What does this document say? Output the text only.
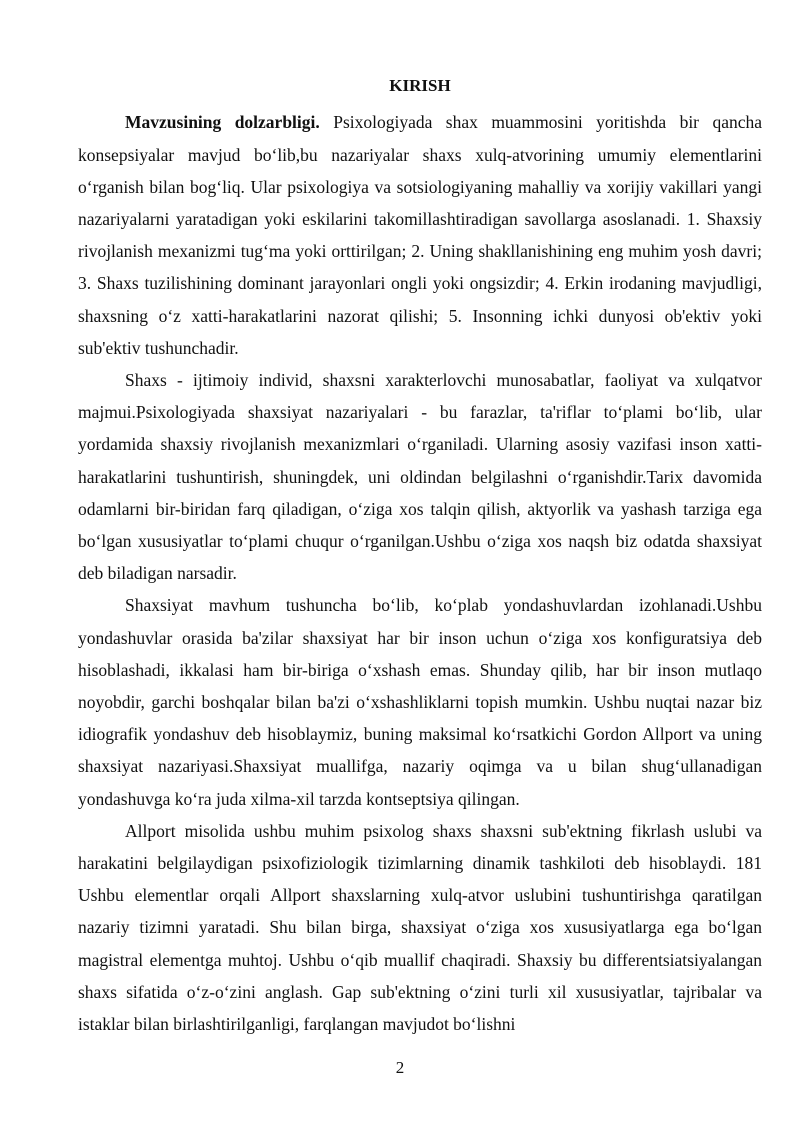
KIRISH

Mavzusining dolzarbligi. Psixologiyada shax muammosini yoritishda bir qancha konsepsiyalar mavjud bo‘lib,bu nazariyalar shaxs xulq-atvorining umumiy elementlarini o‘rganish bilan bog‘liq. Ular psixologiya va sotsiologiyaning mahalliy va xorijiy vakillari yangi nazariyalarni yaratadigan yoki eskilarini takomillashtiradigan savollarga asoslanadi. 1. Shaxsiy rivojlanish mexanizmi tug‘ma yoki orttirilgan; 2. Uning shakllanishining eng muhim yosh davri; 3. Shaxs tuzilishining dominant jarayonlari ongli yoki ongsizdir; 4. Erkin irodaning mavjudligi, shaxsning o‘z xatti-harakatlarini nazorat qilishi; 5. Insonning ichki dunyosi ob'ektiv yoki sub'ektiv tushunchadir.

Shaxs - ijtimoiy individ, shaxsni xarakterlovchi munosabatlar, faoliyat va xulqatvor majmui.Psixologiyada shaxsiyat nazariyalari - bu farazlar, ta'riflar to‘plami bo‘lib, ular yordamida shaxsiy rivojlanish mexanizmlari o‘rganiladi. Ularning asosiy vazifasi inson xatti-harakatlarini tushuntirish, shuningdek, uni oldindan belgilashni o‘rganishdir.Tarix davomida odamlarni bir-biridan farq qiladigan, o‘ziga xos talqin qilish, aktyorlik va yashash tarziga ega bo‘lgan xususiyatlar to‘plami chuqur o‘rganilgan.Ushbu o‘ziga xos naqsh biz odatda shaxsiyat deb biladigan narsadir.

Shaxsiyat mavhum tushuncha bo‘lib, ko‘plab yondashuvlardan izohlanadi.Ushbu yondashuvlar orasida ba'zilar shaxsiyat har bir inson uchun o‘ziga xos konfiguratsiya deb hisoblashadi, ikkalasi ham bir-biriga o‘xshash emas. Shunday qilib, har bir inson mutlaqo noyobdir, garchi boshqalar bilan ba'zi o‘xshashliklarni topish mumkin. Ushbu nuqtai nazar biz idiografik yondashuv deb hisoblaymiz, buning maksimal ko‘rsatkichi Gordon Allport va uning shaxsiyat nazariyasi.Shaxsiyat muallifga, nazariy oqimga va u bilan shug‘ullanadigan yondashuvga ko‘ra juda xilma-xil tarzda kontseptsiya qilingan.

Allport misolida ushbu muhim psixolog shaxs shaxsni sub'ektning fikrlash uslubi va harakatini belgilaydigan psixofiziologik tizimlarning dinamik tashkiloti deb hisoblaydi. 181 Ushbu elementlar orqali Allport shaxslarning xulq-atvor uslubini tushuntirishga qaratilgan nazariy tizimni yaratadi. Shu bilan birga, shaxsiyat o‘ziga xos xususiyatlarga ega bo‘lgan magistral elementga muhtoj. Ushbu o‘qib muallif chaqiradi. Shaxsiy bu differentsiatsiyalangan shaxs sifatida o‘z-o‘zini anglash. Gap sub'ektning o‘zini turli xil xususiyatlar, tajribalar va istaklar bilan birlashtirilganligi, farqlangan mavjudot bo‘lishni

2
